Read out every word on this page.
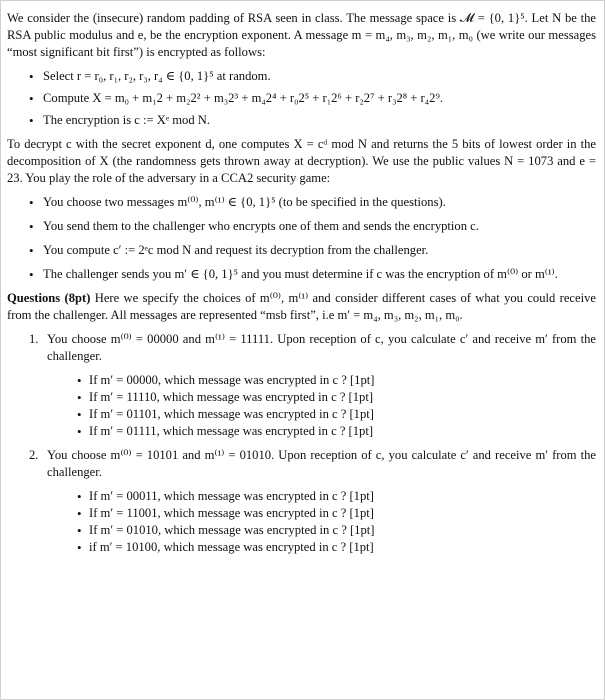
We consider the (insecure) random padding of RSA seen in class. The message space is 𝓜 = {0, 1}⁵. Let N be the RSA public modulus and e, be the encryption exponent. A message m = m₄, m₃, m₂, m₁, m₀ (we write our messages “most significant bit first”) is encrypted as follows:

• Select r = r₀, r₁, r₂, r₃, r₄ ∈ {0, 1}⁵ at random.
• Compute X = m₀ + m₁2 + m₂2² + m₃2³ + m₄2⁴ + r₀2⁵ + r₁2⁶ + r₂2⁷ + r₃2⁸ + r₄2⁹.
• The encryption is c := Xᵉ mod N.

To decrypt c with the secret exponent d, one computes X = cᵈ mod N and returns the 5 bits of lowest order in the decomposition of X (the randomness gets thrown away at decryption). We use the public values N = 1073 and e = 23. You play the role of the adversary in a CCA2 security game:

• You choose two messages m⁽⁰⁾, m⁽¹⁾ ∈ {0, 1}⁵ (to be specified in the questions).
• You send them to the challenger who encrypts one of them and sends the encryption c.
• You compute c′ := 2ᵉc mod N and request its decryption from the challenger.
• The challenger sends you m′ ∈ {0, 1}⁵ and you must determine if c was the encryption of m⁽⁰⁾ or m⁽¹⁾.

Questions (8pt) Here we specify the choices of m⁽⁰⁾, m⁽¹⁾ and consider different cases of what you could receive from the challenger. All messages are represented “msb first”, i.e m′ = m₄, m₃, m₂, m₁, m₀.

1. You choose m⁽⁰⁾ = 00000 and m⁽¹⁾ = 11111. Upon reception of c, you calculate c′ and receive m′ from the challenger.

• If m′ = 00000, which message was encrypted in c ? [1pt]
• If m′ = 11110, which message was encrypted in c ? [1pt]
• If m′ = 01101, which message was encrypted in c ? [1pt]
• If m′ = 01111, which message was encrypted in c ? [1pt]
2. You choose m⁽⁰⁾ = 10101 and m⁽¹⁾ = 01010. Upon reception of c, you calculate c′ and receive m′ from the challenger.

• If m′ = 00011, which message was encrypted in c ? [1pt]
• If m′ = 11001, which message was encrypted in c ? [1pt]
• If m′ = 01010, which message was encrypted in c ? [1pt]
• if m′ = 10100, which message was encrypted in c ? [1pt]
